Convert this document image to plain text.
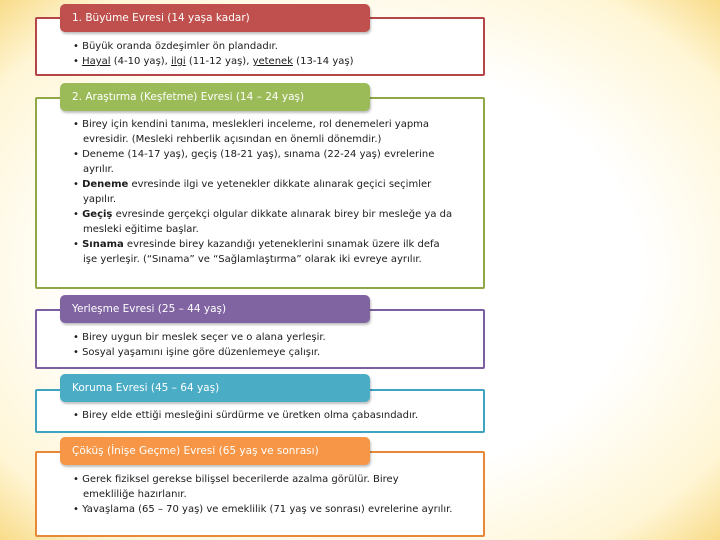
1. Büyüme Evresi (14 yaşa kadar)
• Büyük oranda özdeşimler ön plandadır.
• Hayal (4-10 yaş), ilgi (11-12 yaş), yetenek (13-14 yaş)
2. Araştırma (Keşfetme) Evresi (14 – 24 yaş)
• Birey için kendini tanıma, meslekleri inceleme, rol denemeleri yapma evresidir. (Mesleki rehberlik açısından en önemli dönemdir.)
• Deneme (14-17 yaş), geçiş (18-21 yaş), sınama (22-24 yaş) evrelerine ayrılır.
• Deneme evresinde ilgi ve yetenekler dikkate alınarak geçici seçimler yapılır.
• Geçiş evresinde gerçekçi olgular dikkate alınarak birey bir mesleğe ya da mesleki eğitime başlar.
• Sınama evresinde birey kazandığı yeteneklerini sınamak üzere ilk defa işe yerleşir. (“Sınama” ve “Sağlamlaştırma” olarak iki evreye ayrılır.
Yerleşme Evresi (25 – 44 yaş)
• Birey uygun bir meslek seçer ve o alana yerleşir.
• Sosyal yaşamını işine göre düzenlemeye çalışır.
Koruma Evresi (45 – 64 yaş)
• Birey elde ettiği mesleğini sürdürme ve üretken olma çabasındadır.
Çöküş (İnişe Geçme) Evresi (65 yaş ve sonrası)
• Gerek fiziksel gerekse bilişsel becerilerde azalma görülür. Birey emekliliğe hazırlanır.
• Yavaşlama (65 – 70 yaş) ve emeklilik (71 yaş ve sonrası) evrelerine ayrılır.
